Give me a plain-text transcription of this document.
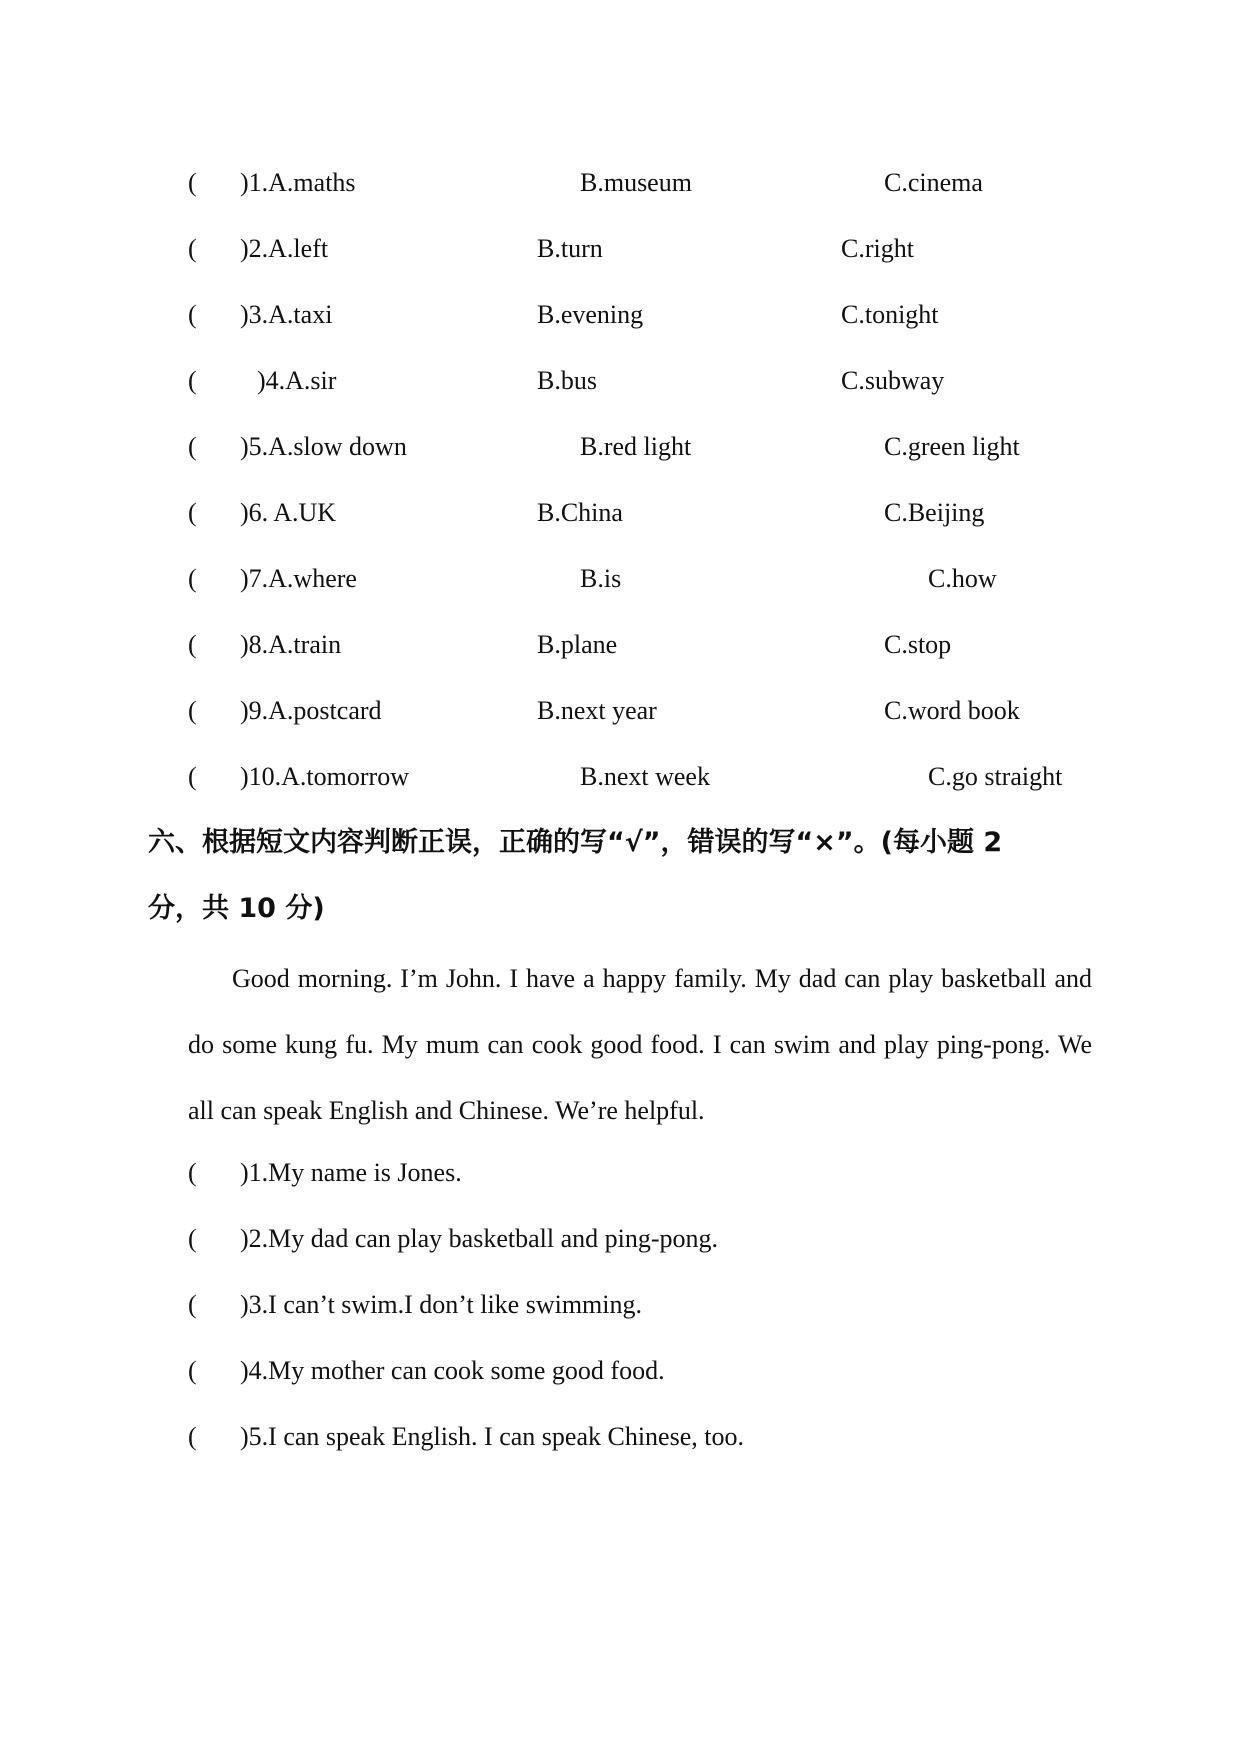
( )1.A.maths	B.museum	C.cinema
( )2.A.left	B.turn	C.right
( )3.A.taxi	B.evening	C.tonight
( )4.A.sir	B.bus	C.subway
( )5.A.slow down	B.red light	C.green light
( )6. A.UK	B.China	C.Beijing
( )7.A.where	B.is	C.how
( )8.A.train	B.plane	C.stop
( )9.A.postcard	B.next year	C.word book
( )10.A.tomorrow	B.next week	C.go straight
六、根据短文内容判断正误，正确的写“√”，错误的写“×”。(每小题 2
分，共 10 分)
Good morning. I’m John. I have a happy family. My dad can play basketball and do some kung fu. My mum can cook good food. I can swim and play ping-pong. We all can speak English and Chinese. We’re helpful.
( )1.My name is Jones.
( )2.My dad can play basketball and ping-pong.
( )3.I can’t swim.I don’t like swimming.
( )4.My mother can cook some good food.
( )5.I can speak English. I can speak Chinese, too.
